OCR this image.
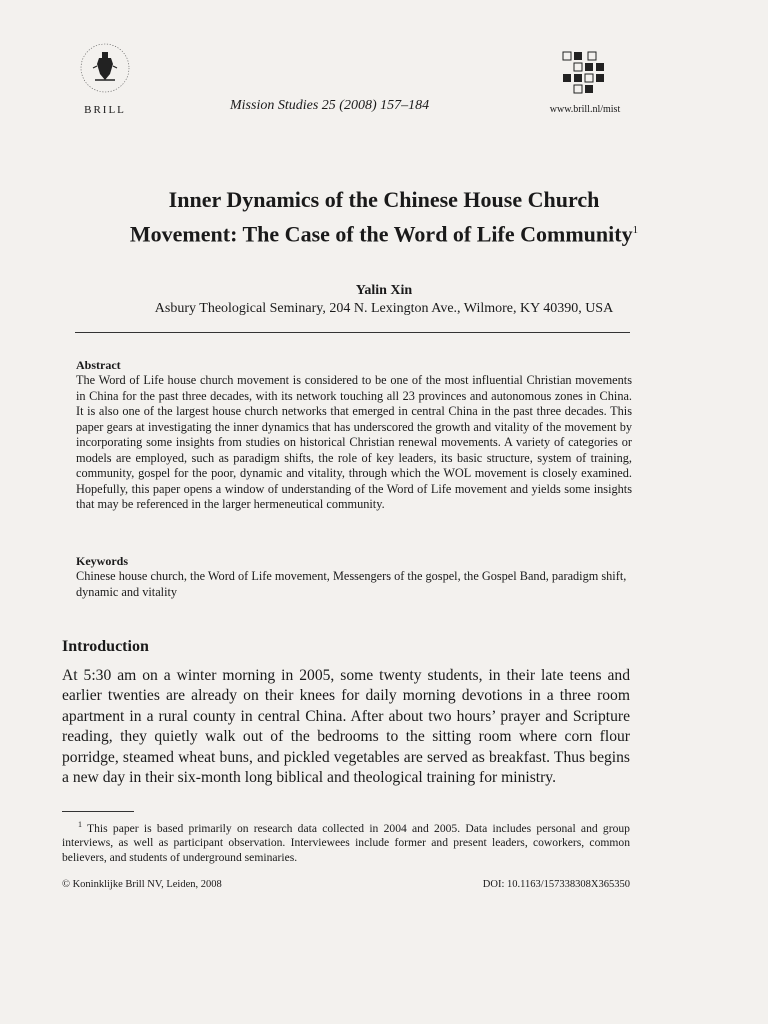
BRILL	Mission Studies 25 (2008) 157–184	www.brill.nl/mist
Inner Dynamics of the Chinese House Church
Movement: The Case of the Word of Life Community$^1$
Yalin Xin
Asbury Theological Seminary, 204 N. Lexington Ave., Wilmore, KY 40390, USA
Abstract

The Word of Life house church movement is considered to be one of the most influential Christian movements in China for the past three decades, with its network touching all 23 provinces and autonomous zones in China. It is also one of the largest house church networks that emerged in central China in the past three decades. This paper gears at investigating the inner dynamics that has underscored the growth and vitality of the movement by incorporating some insights from studies on historical Christian renewal movements. A variety of categories or models are employed, such as paradigm shifts, the role of key leaders, its basic structure, system of training, community, gospel for the poor, dynamic and vitality, through which the WOL movement is closely examined. Hopefully, this paper opens a window of understanding of the Word of Life movement and yields some insights that may be referenced in the larger hermeneutical community.

Keywords

Chinese house church, the Word of Life movement, Messengers of the gospel, the Gospel Band, paradigm shift, dynamic and vitality

Introduction

At 5:30 am on a winter morning in 2005, some twenty students, in their late teens and earlier twenties are already on their knees for daily morning devotions in a three room apartment in a rural county in central China. After about two hours’ prayer and Scripture reading, they quietly walk out of the bedrooms to the sitting room where corn flour porridge, steamed wheat buns, and pickled vegetables are served as breakfast. Thus begins a new day in their six-month long biblical and theological training for ministry.

$^1$ This paper is based primarily on research data collected in 2004 and 2005. Data includes personal and group interviews, as well as participant observation. Interviewees include former and present leaders, coworkers, common believers, and students of underground seminaries.

© Koninklijke Brill NV, Leiden, 2008	DOI: 10.1163/157338308X365350
